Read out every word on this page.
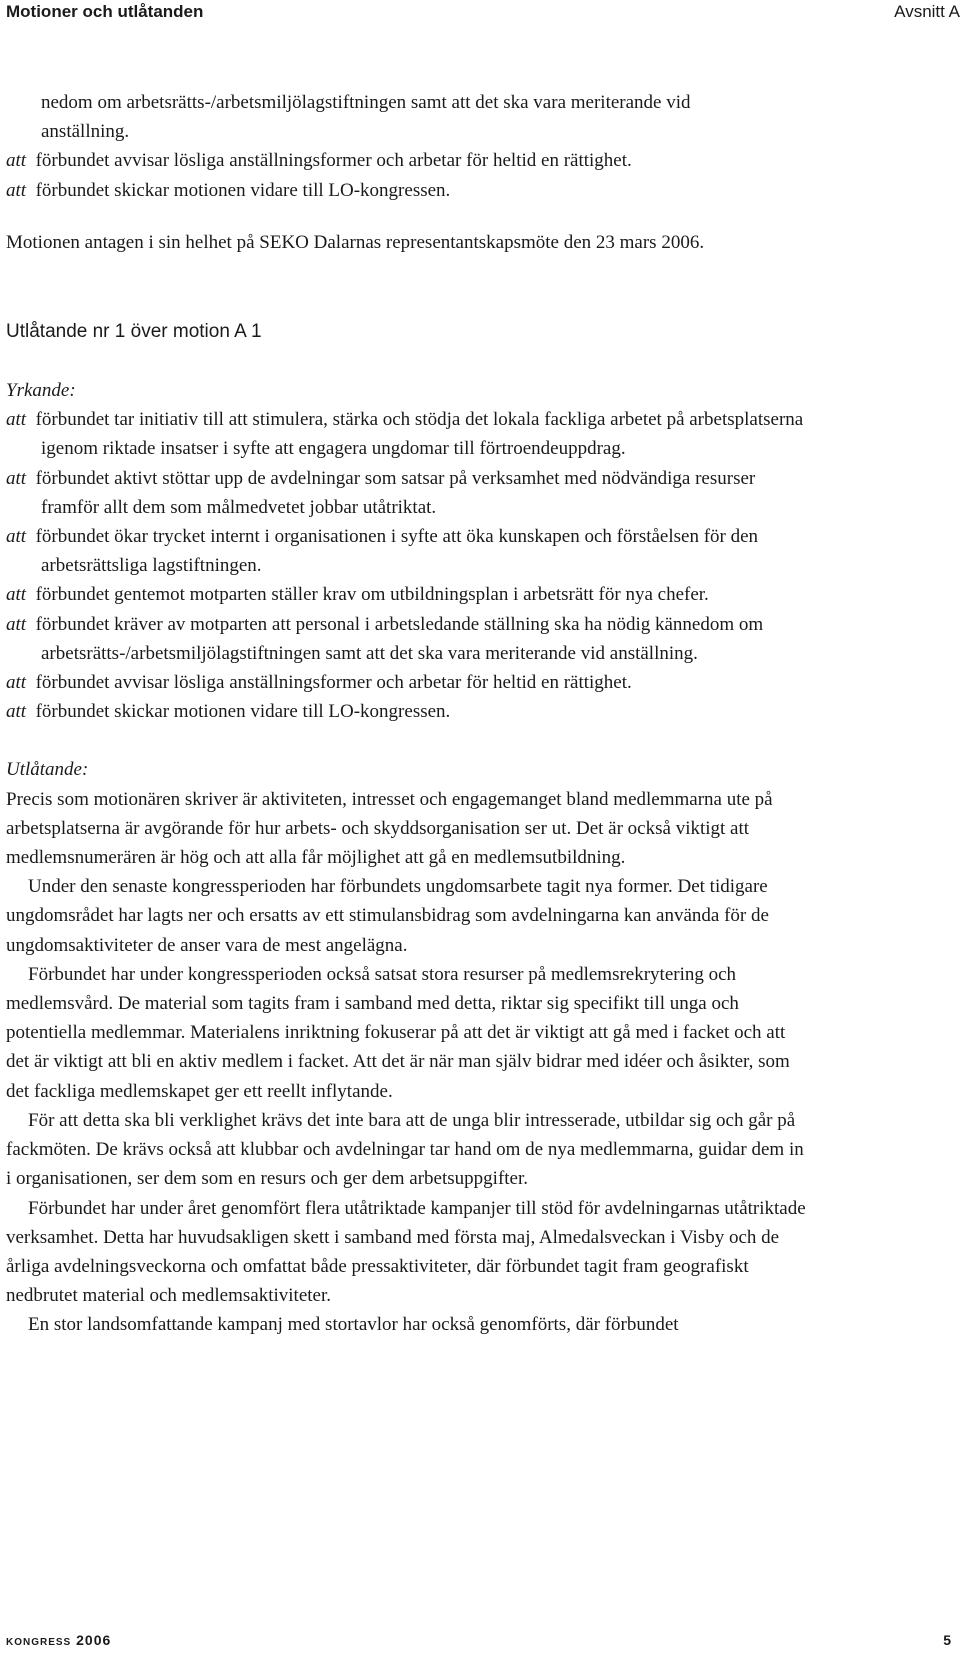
Motioner och utlåtanden	Avsnitt A

nedom om arbetsrätts-/arbetsmiljölagstiftningen samt att det ska vara meriterande vid

anställning.

att förbundet avvisar lösliga anställningsformer och arbetar för heltid en rättighet.

att förbundet skickar motionen vidare till LO-kongressen.

Motionen antagen i sin helhet på SEKO Dalarnas representantskapsmöte den 23 mars 2006.

Utlåtande nr 1 över motion A 1

Yrkande:

att förbundet tar initiativ till att stimulera, stärka och stödja det lokala fackliga arbetet på arbetsplatserna igenom riktade insatser i syfte att engagera ungdomar till förtroendeuppdrag.

att förbundet aktivt stöttar upp de avdelningar som satsar på verksamhet med nödvändiga resurser framför allt dem som målmedvetet jobbar utåtriktat.

att förbundet ökar trycket internt i organisationen i syfte att öka kunskapen och förståelsen för den arbetsrättsliga lagstiftningen.

att förbundet gentemot motparten ställer krav om utbildningsplan i arbetsrätt för nya chefer.

att förbundet kräver av motparten att personal i arbetsledande ställning ska ha nödig kännedom om arbetsrätts-/arbetsmiljölagstiftningen samt att det ska vara meriterande vid anställning.

att förbundet avvisar lösliga anställningsformer och arbetar för heltid en rättighet.

att förbundet skickar motionen vidare till LO-kongressen.

Utlåtande:

Precis som motionären skriver är aktiviteten, intresset och engagemanget bland medlemmarna ute på arbetsplatserna är avgörande för hur arbets- och skyddsorganisation ser ut. Det är också viktigt att medlemsnumerären är hög och att alla får möjlighet att gå en medlemsutbildning.

Under den senaste kongressperioden har förbundets ungdomsarbete tagit nya former. Det tidigare ungdomsrådet har lagts ner och ersatts av ett stimulansbidrag som avdelningarna kan använda för de ungdomsaktiviteter de anser vara de mest angelägna.

Förbundet har under kongressperioden också satsat stora resurser på medlemsrekrytering och medlemsvård. De material som tagits fram i samband med detta, riktar sig specifikt till unga och potentiella medlemmar. Materialens inriktning fokuserar på att det är viktigt att gå med i facket och att det är viktigt att bli en aktiv medlem i facket. Att det är när man själv bidrar med idéer och åsikter, som det fackliga medlemskapet ger ett reellt inflytande.

För att detta ska bli verklighet krävs det inte bara att de unga blir intresserade, utbildar sig och går på fackmöten. De krävs också att klubbar och avdelningar tar hand om de nya medlemmarna, guidar dem in i organisationen, ser dem som en resurs och ger dem arbetsuppgifter.

Förbundet har under året genomfört flera utåtriktade kampanjer till stöd för avdelningarnas utåtriktade verksamhet. Detta har huvudsakligen skett i samband med första maj, Almedalsveckan i Visby och de årliga avdelningsveckorna och omfattat både pressaktiviteter, där förbundet tagit fram geografiskt nedbrutet material och medlemsaktiviteter.

En stor landsomfattande kampanj med stortavlor har också genomförts, där förbundet

kongress 2006	5
